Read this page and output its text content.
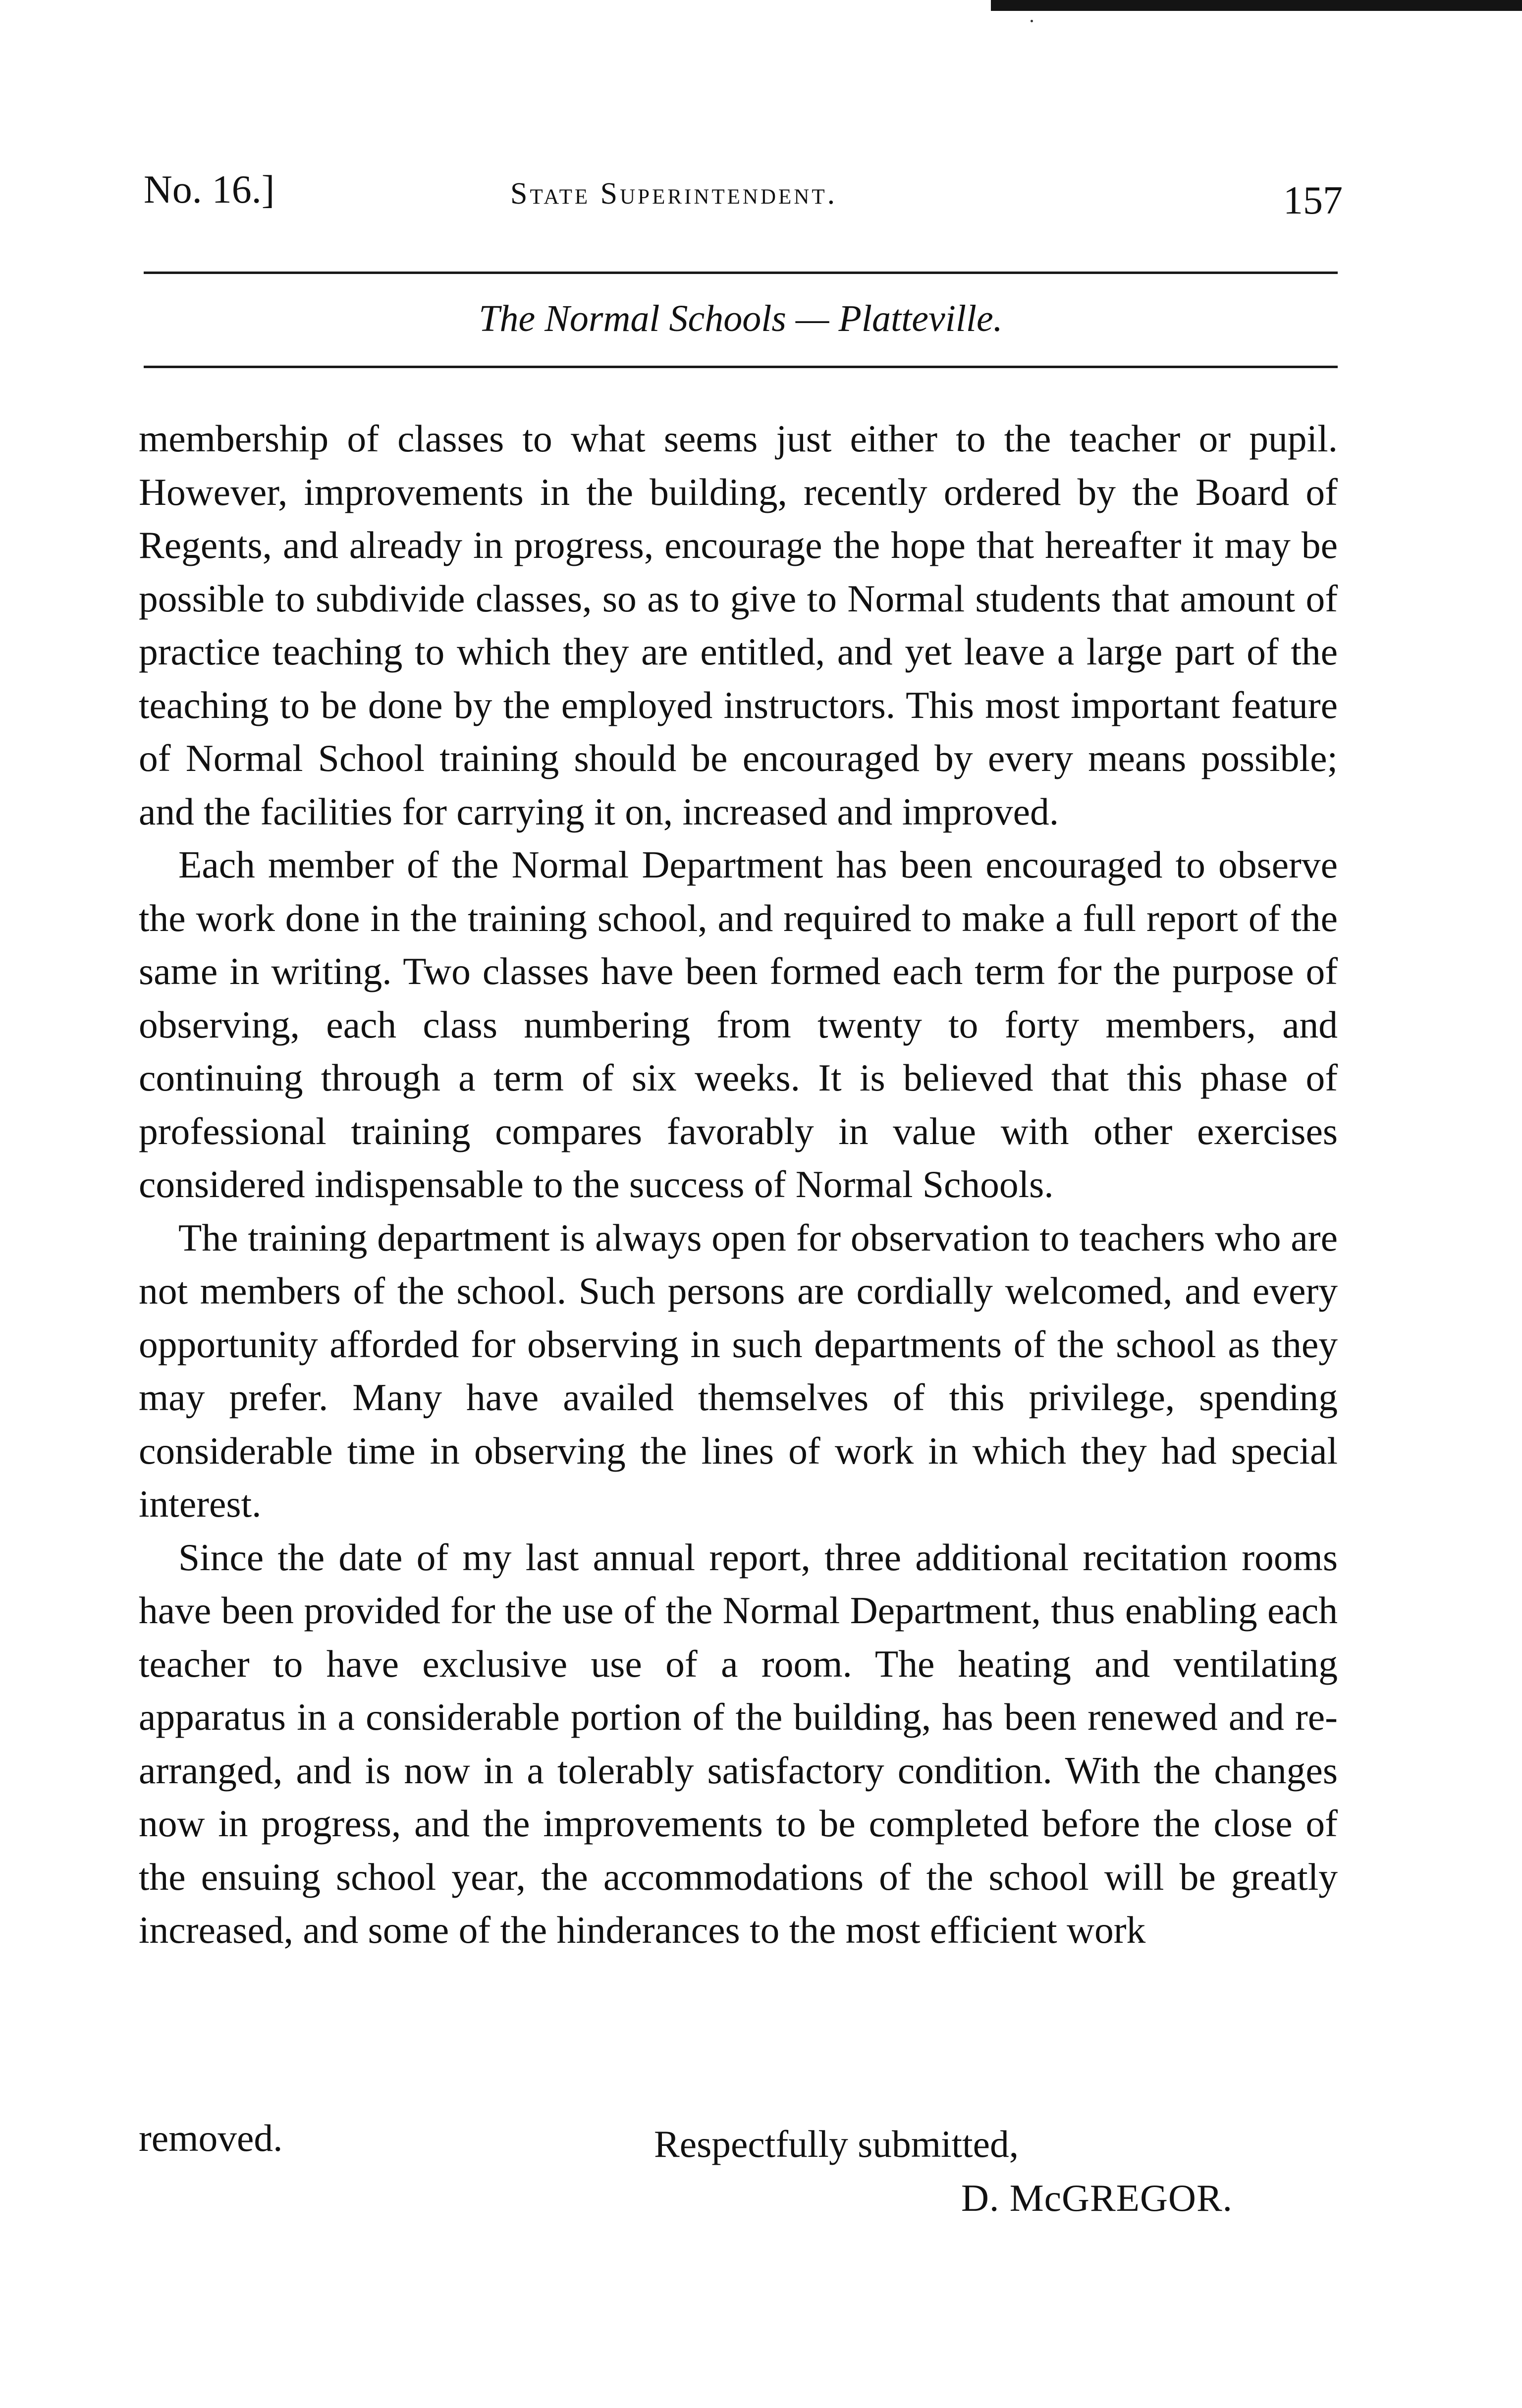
No. 16.]	State Superintendent.	157
The Normal Schools — Platteville.

membership of classes to what seems just either to the teacher or pupil. However, improvements in the building, recently ordered by the Board of Regents, and already in progress, encourage the hope that hereafter it may be possible to subdivide classes, so as to give to Normal students that amount of practice teaching to which they are entitled, and yet leave a large part of the teaching to be done by the employed instructors. This most important feature of Normal School training should be encouraged by every means possible; and the facilities for carrying it on, increased and improved.

Each member of the Normal Department has been encouraged to observe the work done in the training school, and required to make a full report of the same in writing. Two classes have been formed each term for the purpose of observing, each class numbering from twenty to forty members, and continuing through a term of six weeks. It is believed that this phase of professional training compares favorably in value with other exercises considered indispensable to the success of Normal Schools.

The training department is always open for observation to teachers who are not members of the school. Such persons are cordially welcomed, and every opportunity afforded for observing in such departments of the school as they may prefer. Many have availed themselves of this privilege, spending considerable time in observing the lines of work in which they had special interest.

Since the date of my last annual report, three additional recitation rooms have been provided for the use of the Normal Department, thus enabling each teacher to have exclusive use of a room. The heating and ventilating apparatus in a considerable portion of the building, has been renewed and re-arranged, and is now in a tolerably satisfactory condition. With the changes now in progress, and the improvements to be completed before the close of the ensuing school year, the accommodations of the school will be greatly increased, and some of the hinderances to the most efficient work

removed.	Respectfully submitted,
D. McGREGOR.
